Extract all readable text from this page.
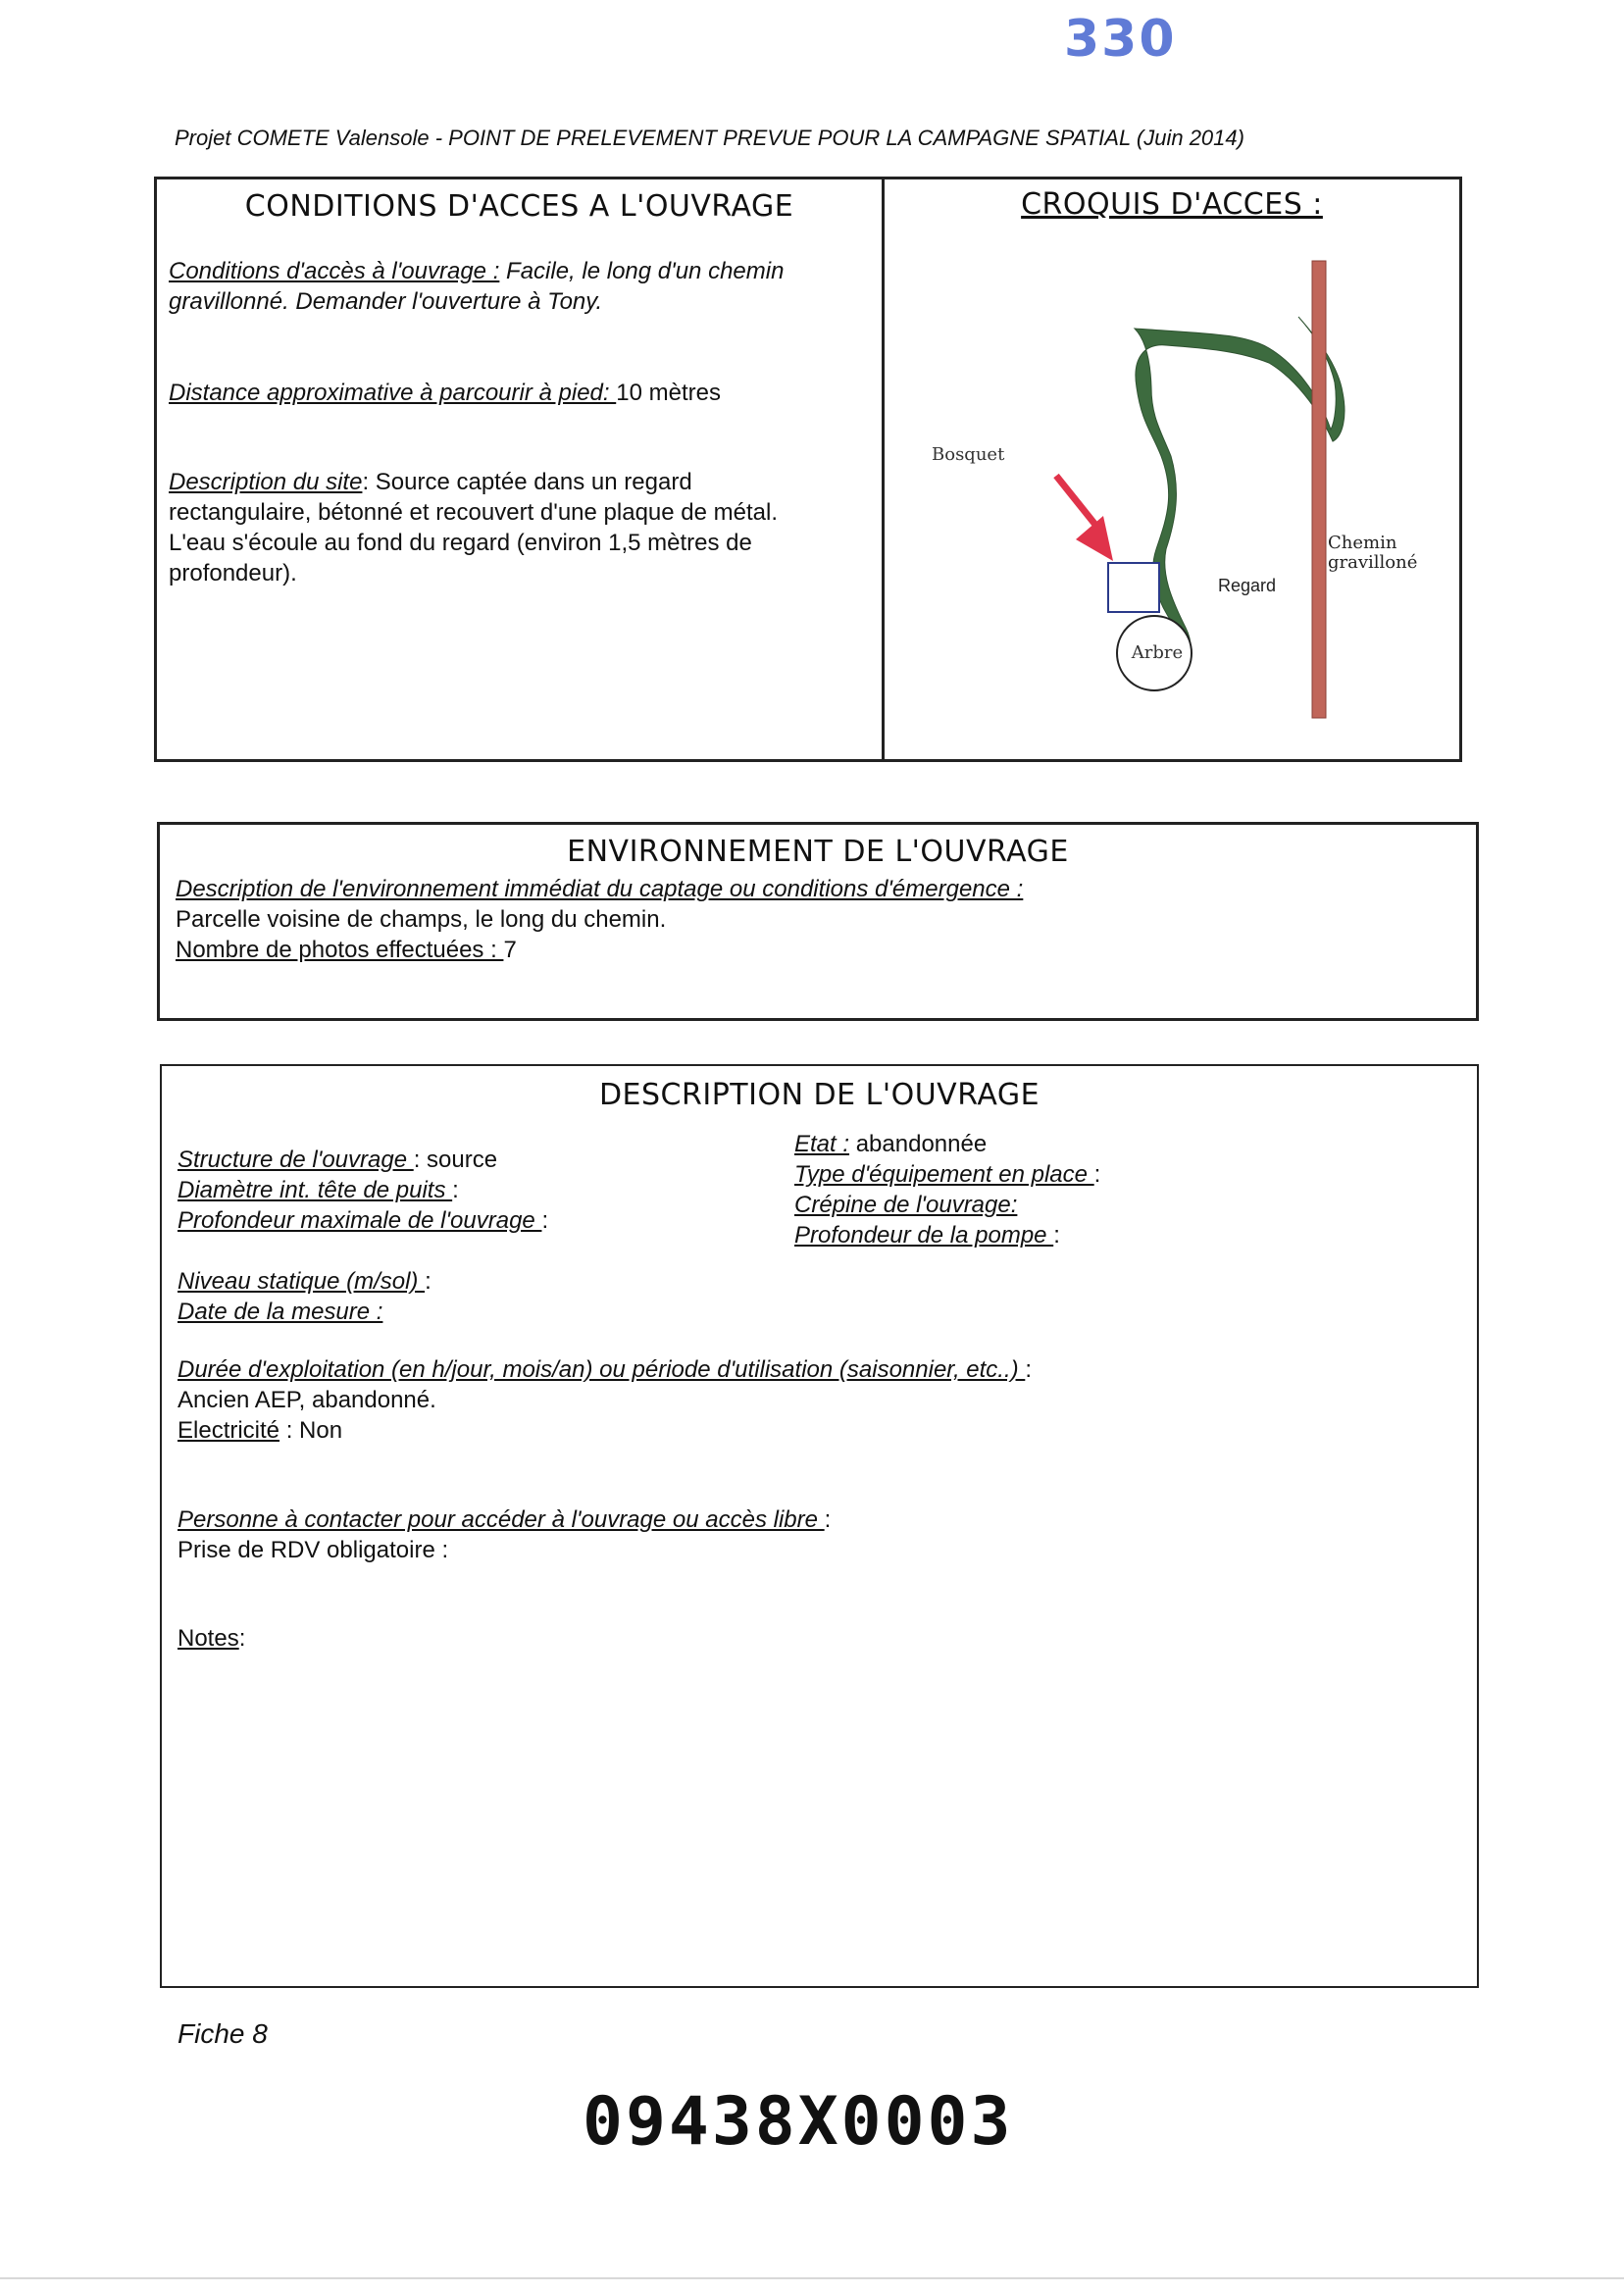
330
Projet COMETE Valensole - POINT DE PRELEVEMENT PREVUE POUR LA CAMPAGNE SPATIAL (Juin 2014)
CONDITIONS D'ACCES A L'OUVRAGE
Conditions d'accès à l'ouvrage : Facile, le long d'un chemin
gravillonné. Demander l'ouverture à Tony.
Distance approximative à parcourir à pied: 10 mètres
Description du site: Source captée dans un regard
rectangulaire, bétonné et recouvert d'une plaque de métal.
L'eau s'écoule au fond du regard (environ 1,5 mètres de
profondeur).
CROQUIS D'ACCES :
Bosquet
Regard
Arbre
Chemin
gravilloné
ENVIRONNEMENT DE L'OUVRAGE
Description de l'environnement immédiat du captage ou conditions d'émergence :
Parcelle voisine de champs, le long du chemin.
Nombre de photos effectuées : 7
DESCRIPTION DE L'OUVRAGE
Structure de l'ouvrage : source
Diamètre int. tête de puits :
Profondeur maximale de l'ouvrage :
Etat : abandonnée
Type d'équipement en place :
Crépine de l'ouvrage:
Profondeur de la pompe :
Niveau statique (m/sol) :
Date de la mesure :
Durée d'exploitation (en h/jour, mois/an) ou période d'utilisation (saisonnier, etc..) :
Ancien AEP, abandonné.
Electricité : Non
Personne à contacter pour accéder à l'ouvrage ou accès libre :
Prise de RDV obligatoire :
Notes:
Fiche 8
09438X0003
